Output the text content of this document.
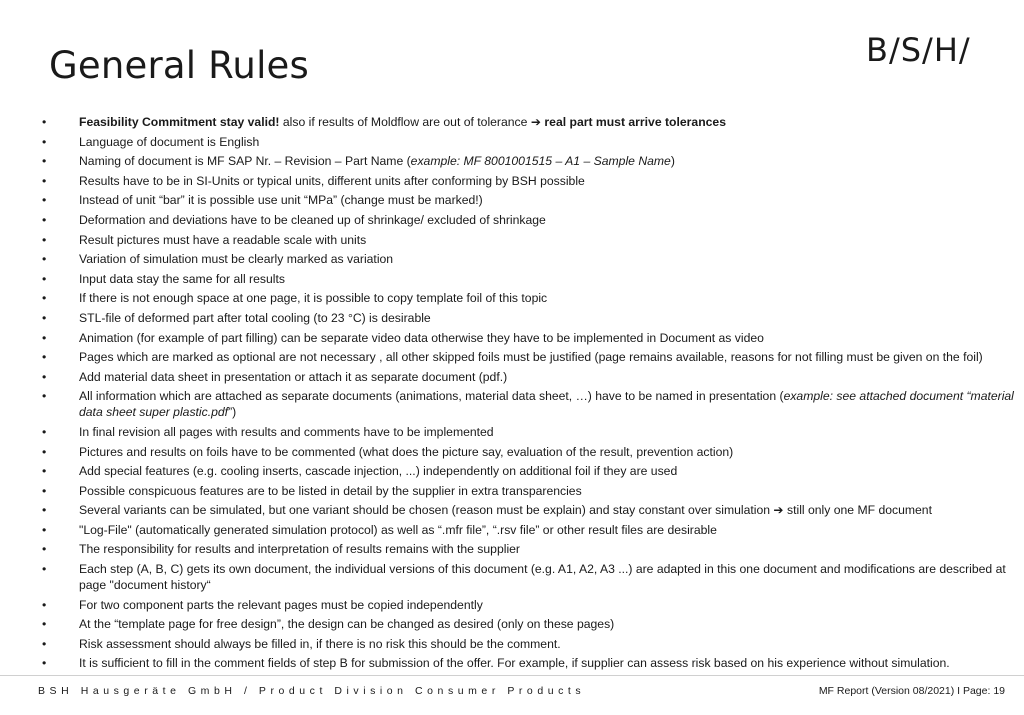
General Rules	B/S/H/
•	Feasibility Commitment stay valid! also if results of Moldflow are out of tolerance ➔ real part must arrive tolerances
•	Language of document is English
•	Naming of document is MF SAP Nr. – Revision – Part Name (example: MF 8001001515 – A1 – Sample Name)
•	Results have to be in SI-Units or typical units, different units after conforming by BSH possible
•	Instead of unit “bar” it is possible use unit “MPa” (change must be marked!)
•	Deformation and deviations have to be cleaned up of shrinkage/ excluded of shrinkage
•	Result pictures must have a readable scale with units
•	Variation of simulation must be clearly marked as variation
•	Input data stay the same for all results
•	If there is not enough space at one page, it is possible to copy template foil of this topic
•	STL-file of deformed part after total cooling (to 23 °C) is desirable
•	Animation (for example of part filling) can be separate video data otherwise they have to be implemented in Document as video
•	Pages which are marked as optional are not necessary , all other skipped foils must be justified (page remains available, reasons for not filling must be given on the foil)
•	Add material data sheet in presentation or attach it as separate document (pdf.)
•	All information which are attached as separate documents (animations, material data sheet, …) have to be named in presentation (example: see attached document “material data sheet super plastic.pdf”)
•	In final revision all pages with results and comments have to be implemented
•	Pictures and results on foils have to be commented (what does the picture say, evaluation of the result, prevention action)
•	Add special features (e.g. cooling inserts, cascade injection, ...) independently on additional foil if they are used
•	Possible conspicuous features are to be listed in detail by the supplier in extra transparencies
•	Several variants can be simulated, but one variant should be chosen (reason must be explain) and stay constant over simulation ➔ still only one MF document
•	"Log-File" (automatically generated simulation protocol) as well as “.mfr file”, “.rsv file” or other result files are desirable
•	The responsibility for results and interpretation of results remains with the supplier
•	Each step (A, B, C) gets its own document, the individual versions of this document (e.g. A1, A2, A3 ...) are adapted in this one document and modifications are described at page "document history“
•	For two component parts the relevant pages must be copied independently
•	At the “template page for free design”, the design can be changed as desired (only on these pages)
•	Risk assessment should always be filled in, if there is no risk this should be the comment.
•	It is sufficient to fill in the comment fields of step B for submission of the offer. For example, if supplier can assess risk based on his experience without simulation.
BSH Hausgeräte GmbH / Product Division Consumer Products	MF Report (Version 08/2021) I Page: 19
